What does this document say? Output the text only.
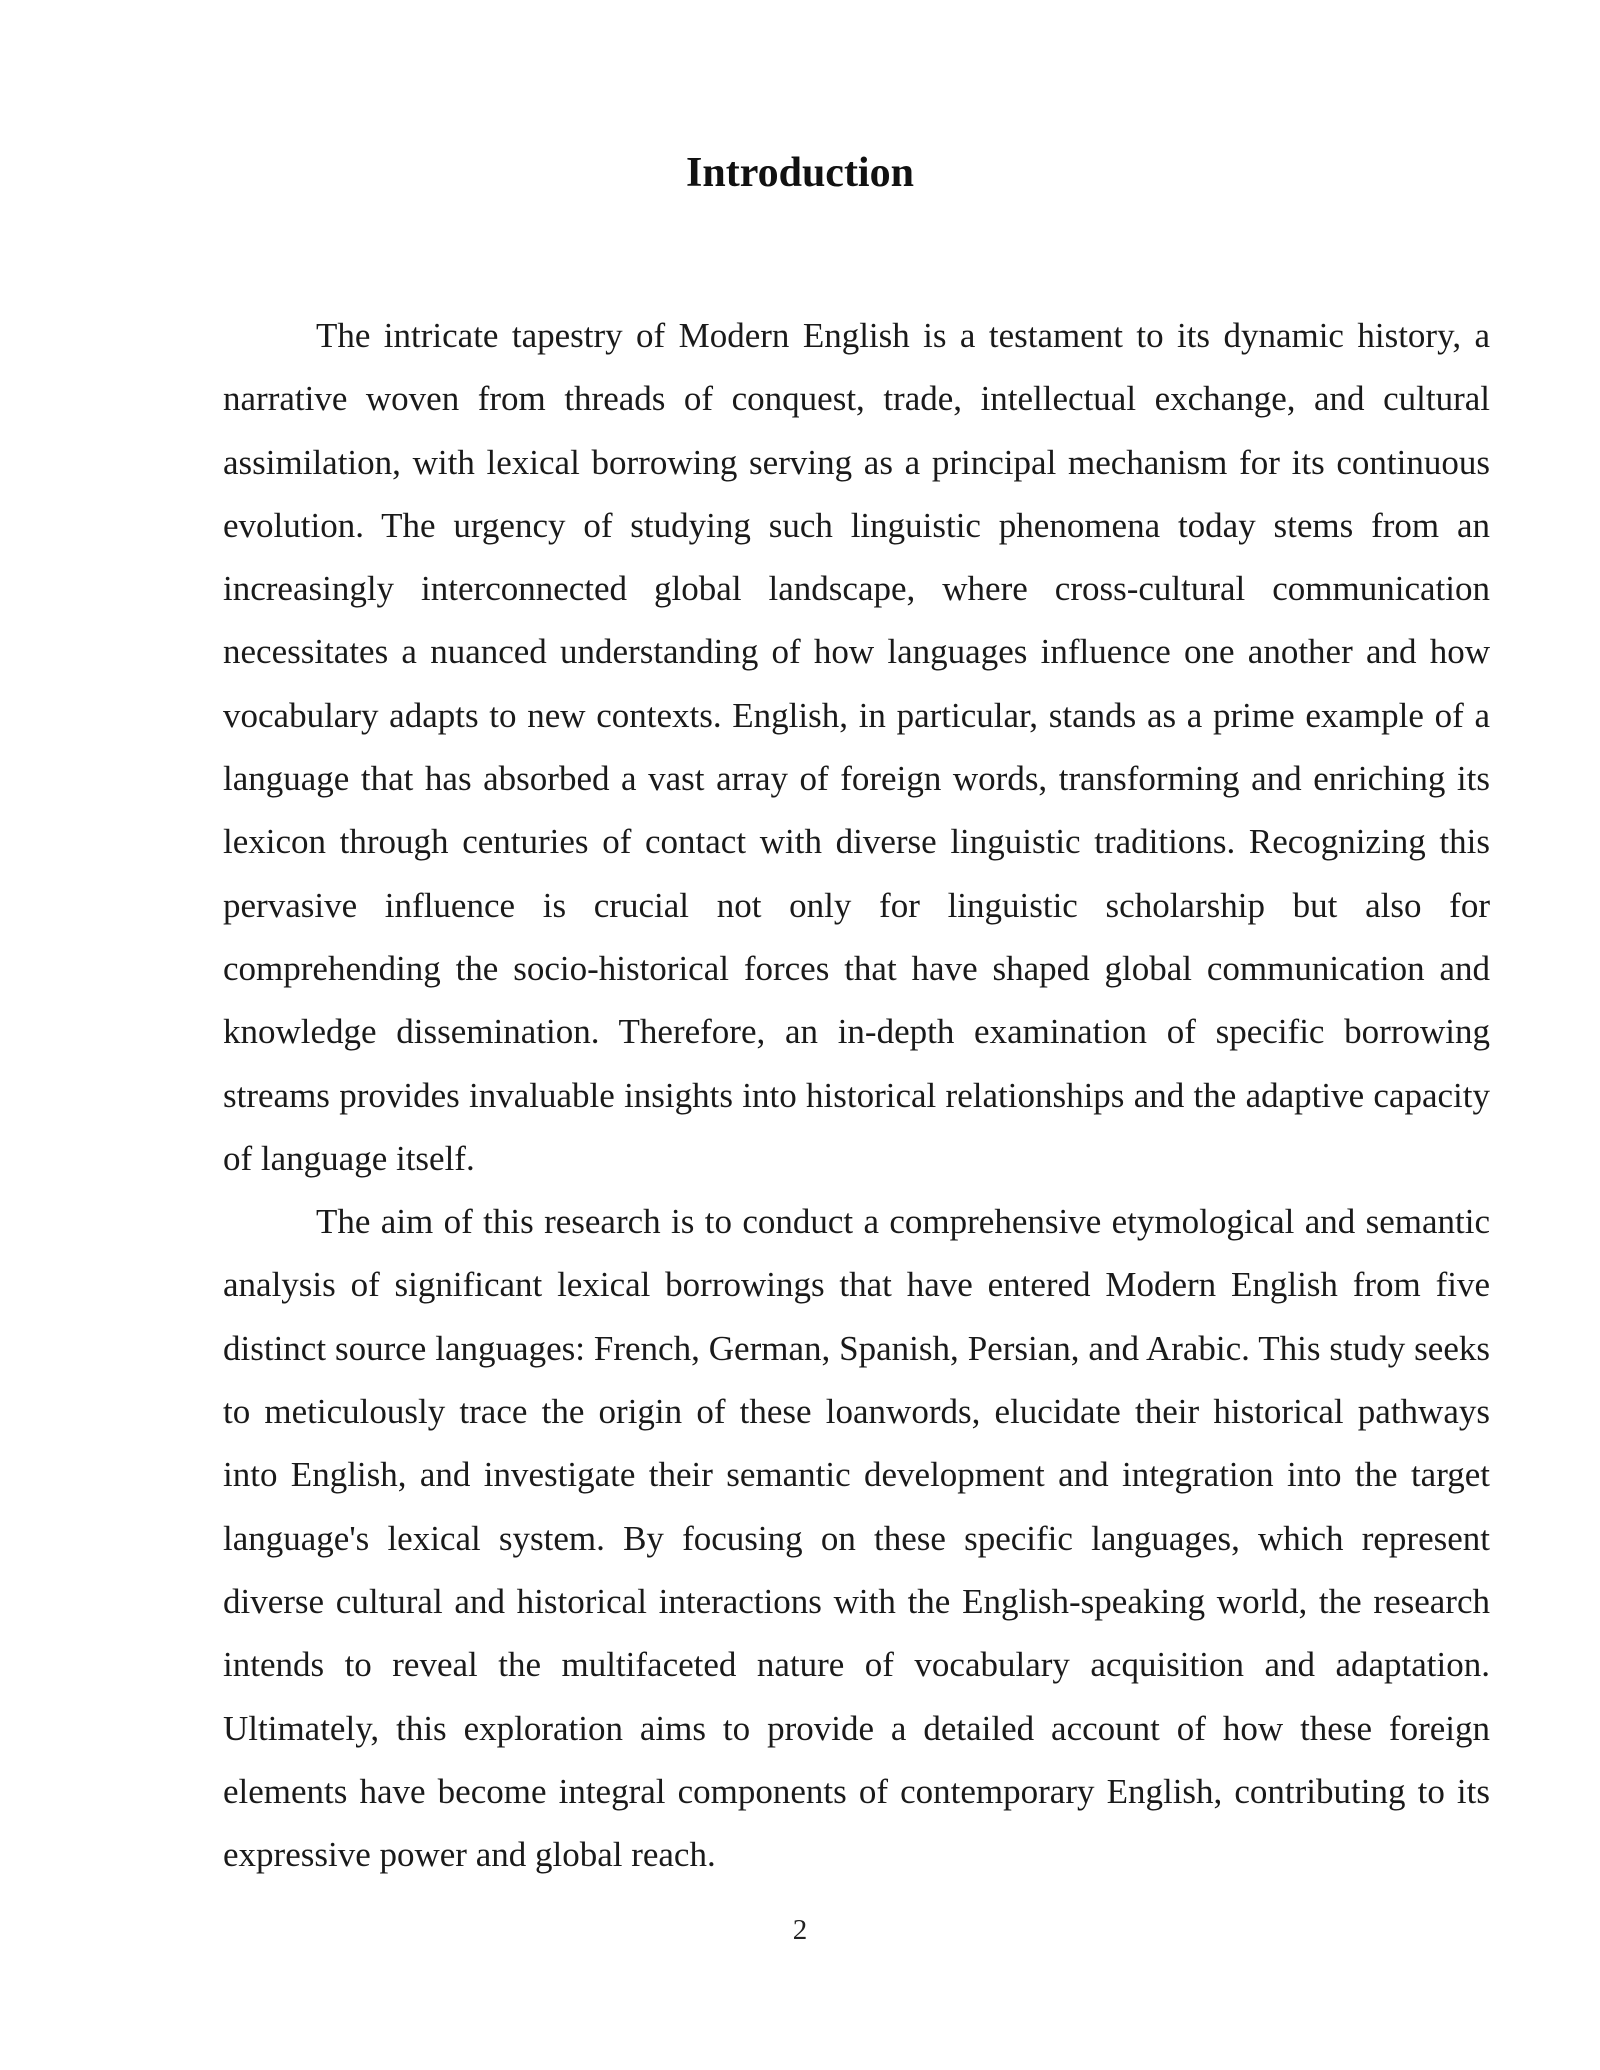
Introduction

The intricate tapestry of Modern English is a testament to its dynamic history, a narrative woven from threads of conquest, trade, intellectual exchange, and cultural assimilation, with lexical borrowing serving as a principal mechanism for its continuous evolution. The urgency of studying such linguistic phenomena today stems from an increasingly interconnected global landscape, where cross-cultural communication necessitates a nuanced understanding of how languages influence one another and how vocabulary adapts to new contexts. English, in particular, stands as a prime example of a language that has absorbed a vast array of foreign words, transforming and enriching its lexicon through centuries of contact with diverse linguistic traditions. Recognizing this pervasive influence is crucial not only for linguistic scholarship but also for comprehending the socio-historical forces that have shaped global communication and knowledge dissemination. Therefore, an in-depth examination of specific borrowing streams provides invaluable insights into historical relationships and the adaptive capacity of language itself.

The aim of this research is to conduct a comprehensive etymological and semantic analysis of significant lexical borrowings that have entered Modern English from five distinct source languages: French, German, Spanish, Persian, and Arabic. This study seeks to meticulously trace the origin of these loanwords, elucidate their historical pathways into English, and investigate their semantic development and integration into the target language's lexical system. By focusing on these specific languages, which represent diverse cultural and historical interactions with the English-speaking world, the research intends to reveal the multifaceted nature of vocabulary acquisition and adaptation. Ultimately, this exploration aims to provide a detailed account of how these foreign elements have become integral components of contemporary English, contributing to its expressive power and global reach.

2
